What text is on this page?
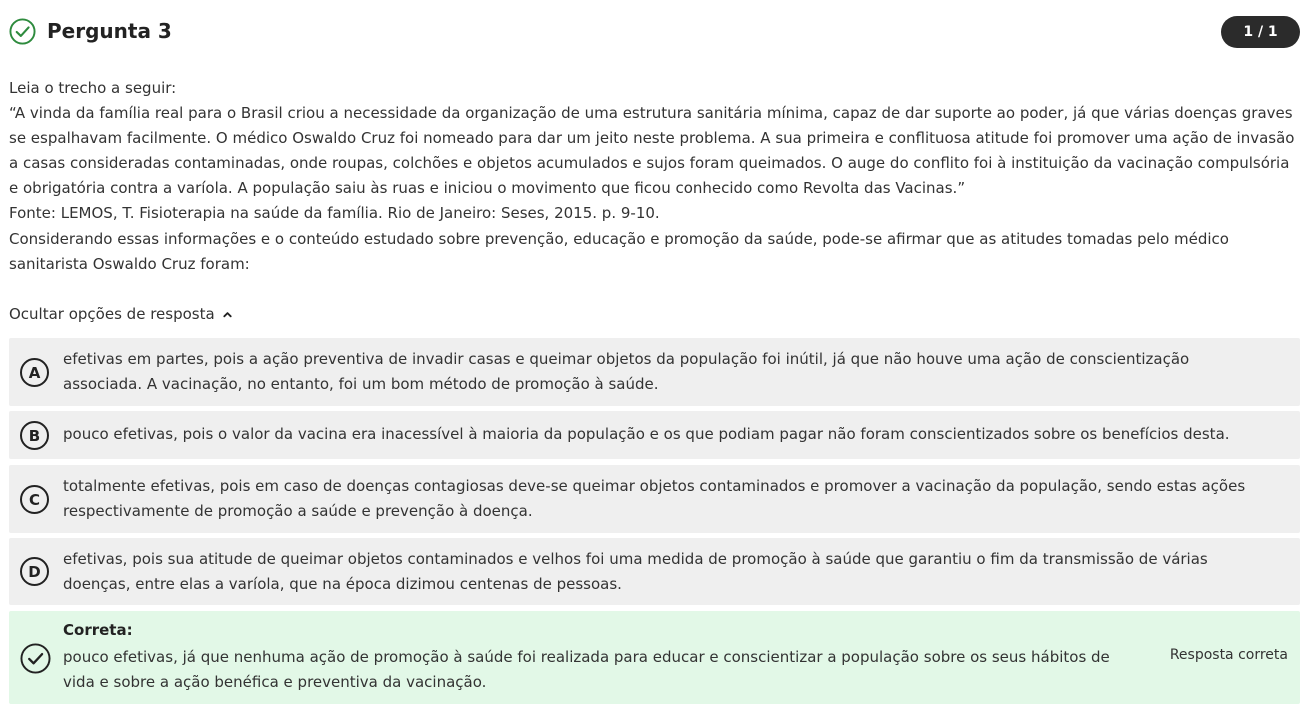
Pergunta 3	1 / 1

Leia o trecho a seguir:

“A vinda da família real para o Brasil criou a necessidade da organização de uma estrutura sanitária mínima, capaz de dar suporte ao poder, já que várias doenças graves se espalhavam facilmente. O médico Oswaldo Cruz foi nomeado para dar um jeito neste problema. A sua primeira e conflituosa atitude foi promover uma ação de invasão a casas consideradas contaminadas, onde roupas, colchões e objetos acumulados e sujos foram queimados. O auge do conflito foi à instituição da vacinação compulsória e obrigatória contra a varíola. A população saiu às ruas e iniciou o movimento que ficou conhecido como Revolta das Vacinas.”

Fonte: LEMOS, T. Fisioterapia na saúde da família. Rio de Janeiro: Seses, 2015. p. 9-10.

Considerando essas informações e o conteúdo estudado sobre prevenção, educação e promoção da saúde, pode-se afirmar que as atitudes tomadas pelo médico sanitarista Oswaldo Cruz foram:

Ocultar opções de resposta
A
efetivas em partes, pois a ação preventiva de invadir casas e queimar objetos da população foi inútil, já que não houve uma ação de conscientização associada. A vacinação, no entanto, foi um bom método de promoção à saúde.
B	pouco efetivas, pois o valor da vacina era inacessível à maioria da população e os que podiam pagar não foram conscientizados sobre os benefícios desta.
C
totalmente efetivas, pois em caso de doenças contagiosas deve-se queimar objetos contaminados e promover a vacinação da população, sendo estas ações respectivamente de promoção a saúde e prevenção à doença.
D
efetivas, pois sua atitude de queimar objetos contaminados e velhos foi uma medida de promoção à saúde que garantiu o fim da transmissão de várias doenças, entre elas a varíola, que na época dizimou centenas de pessoas.
Correta:
pouco efetivas, já que nenhuma ação de promoção à saúde foi realizada para educar e conscientizar a população sobre os seus hábitos de vida e sobre a ação benéfica e preventiva da vacinação.
Resposta correta
